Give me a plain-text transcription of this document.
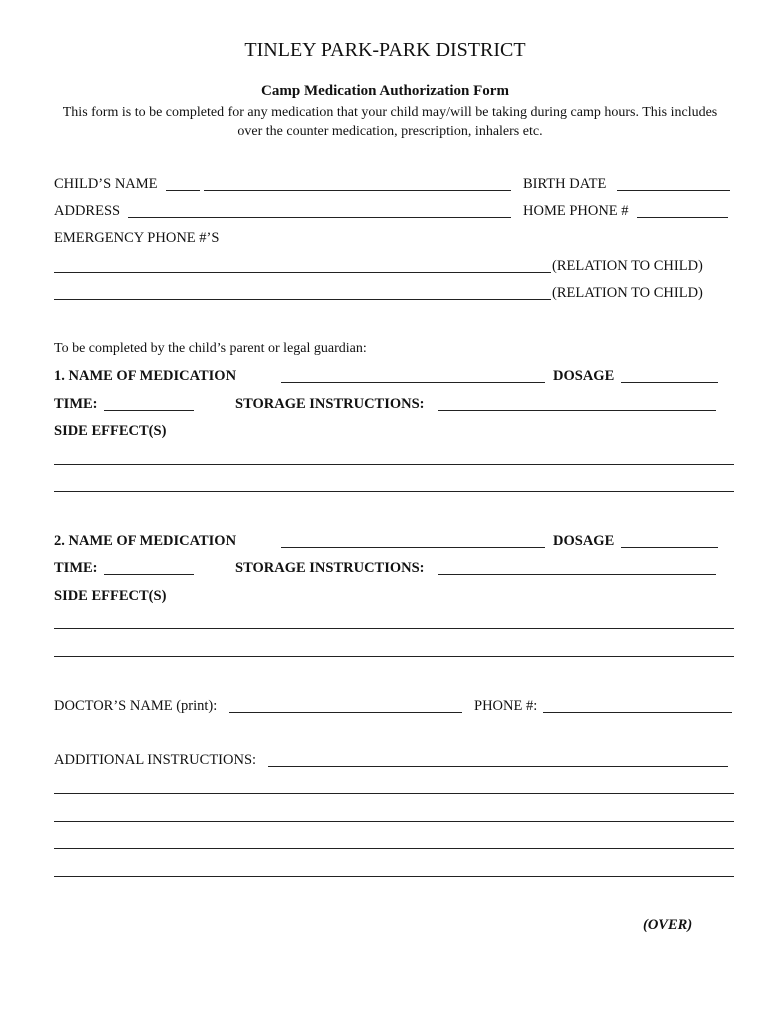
TINLEY PARK-PARK DISTRICT
Camp Medication Authorization Form
This form is to be completed for any medication that your child may/will be taking during camp hours. This includes over the counter medication, prescription, inhalers etc.
CHILD’S NAME	BIRTH DATE
ADDRESS	HOME PHONE #
EMERGENCY PHONE #’S
(RELATION TO CHILD)
(RELATION TO CHILD)
To be completed by the child’s parent or legal guardian:
1. NAME OF MEDICATION	DOSAGE
TIME:	STORAGE INSTRUCTIONS:
SIDE EFFECT(S)
2. NAME OF MEDICATION	DOSAGE
TIME:	STORAGE INSTRUCTIONS:
SIDE EFFECT(S)
DOCTOR’S NAME (print):	PHONE #:
ADDITIONAL INSTRUCTIONS:
(OVER)
